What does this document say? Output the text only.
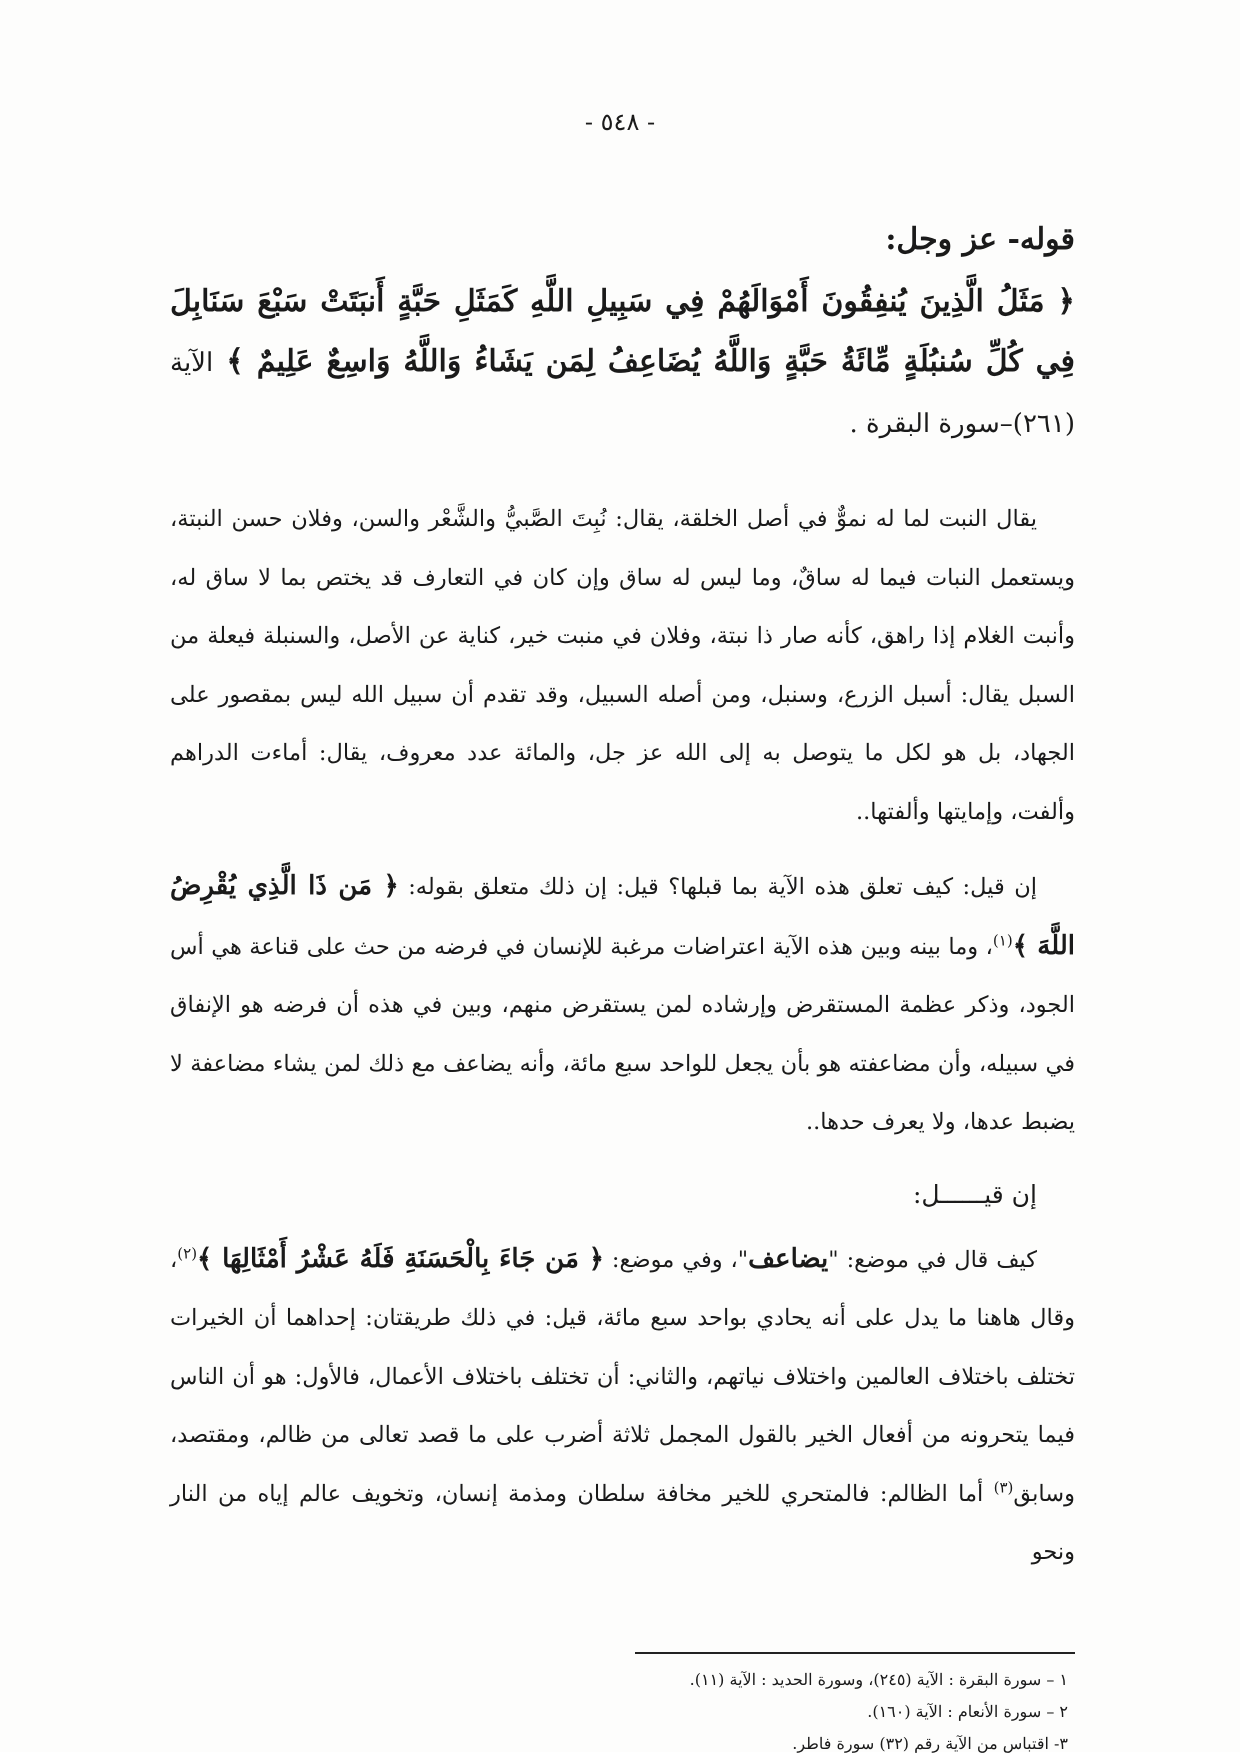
- ٥٤٨ -

قوله- عز وجل:

﴿ مَثَلُ الَّذِينَ يُنفِقُونَ أَمْوَالَهُمْ فِي سَبِيلِ اللَّهِ كَمَثَلِ حَبَّةٍ أَنبَتَتْ سَبْعَ سَنَابِلَ فِي كُلِّ سُنبُلَةٍ مِّائَةُ حَبَّةٍ وَاللَّهُ يُضَاعِفُ لِمَن يَشَاءُ وَاللَّهُ وَاسِعٌ عَلِيمٌ ﴾ الآية (٢٦١)–سورة البقرة .

يقال النبت لما له نموٌّ في أصل الخلقة، يقال: نُبِتَ الصَّبيُّ والشَّعْر والسن، وفلان حسن النبتة، ويستعمل النبات فيما له ساقٌ، وما ليس له ساق وإن كان في التعارف قد يختص بما لا ساق له، وأنبت الغلام إذا راهق، كأنه صار ذا نبتة، وفلان في منبت خير، كناية عن الأصل، والسنبلة فيعلة من السبل يقال: أسبل الزرع، وسنبل، ومن أصله السبيل، وقد تقدم أن سبيل الله ليس بمقصور على الجهاد، بل هو لكل ما يتوصل به إلى الله عز جل، والمائة عدد معروف، يقال: أماءت الدراهم وألفت، وإمايتها وألفتها..

إن قيل: كيف تعلق هذه الآية بما قبلها؟ قيل: إن ذلك متعلق بقوله: ﴿ مَن ذَا الَّذِي يُقْرِضُ اللَّهَ ﴾$^{(١)}$، وما بينه وبين هذه الآية اعتراضات مرغبة للإنسان في فرضه من حث على قناعة هي أس الجود، وذكر عظمة المستقرض وإرشاده لمن يستقرض منهم، وبين في هذه أن فرضه هو الإنفاق في سبيله، وأن مضاعفته هو بأن يجعل للواحد سبع مائة، وأنه يضاعف مع ذلك لمن يشاء مضاعفة لا يضبط عدها، ولا يعرف حدها..

إن قيــــــل:

كيف قال في موضع: "يضاعف"، وفي موضع: ﴿ مَن جَاءَ بِالْحَسَنَةِ فَلَهُ عَشْرُ أَمْثَالِهَا ﴾$^{(٢)}$، وقال هاهنا ما يدل على أنه يحادي بواحد سبع مائة، قيل: في ذلك طريقتان: إحداهما أن الخيرات تختلف باختلاف العالمين واختلاف نياتهم، والثاني: أن تختلف باختلاف الأعمال، فالأول: هو أن الناس فيما يتحرونه من أفعال الخير بالقول المجمل ثلاثة أضرب على ما قصد تعالى من ظالم، ومقتصد، وسابق$^{(٣)}$ أما الظالم: فالمتحري للخير مخافة سلطان ومذمة إنسان، وتخويف عالم إياه من النار ونحو

١ – سورة البقرة : الآية (٢٤٥)، وسورة الحديد : الآية (١١).
٢ – سورة الأنعام : الآية (١٦٠).
٣- اقتباس من الآية رقم (٣٢) سورة فاطر.
